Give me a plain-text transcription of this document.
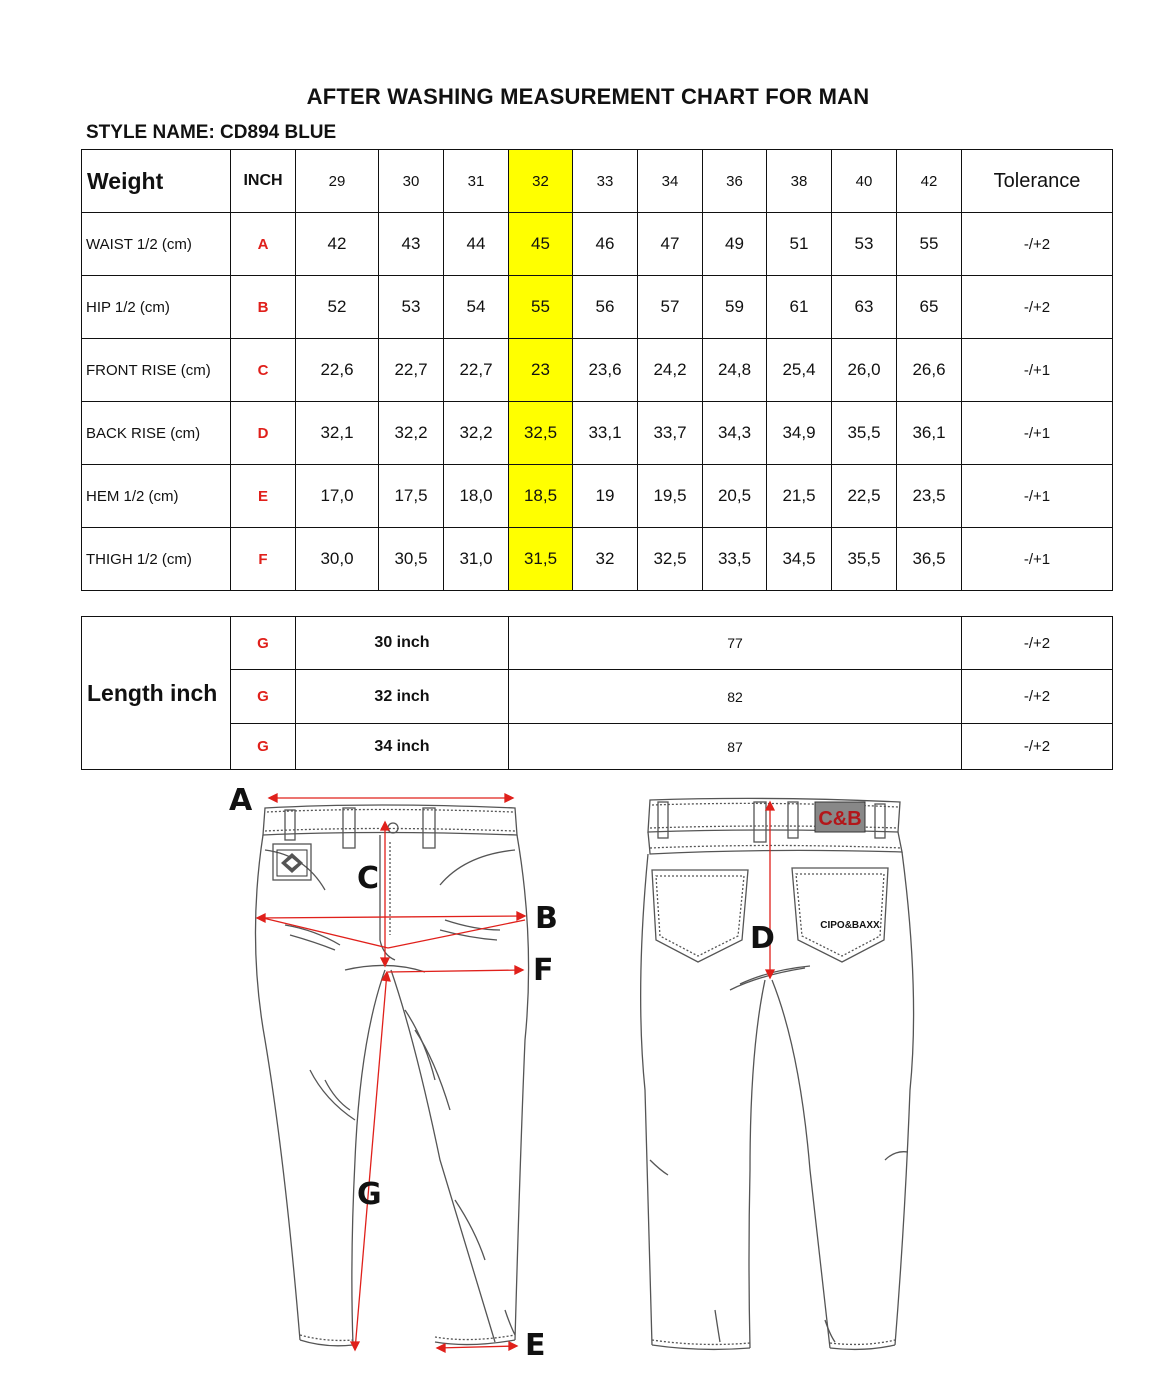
AFTER WASHING MEASUREMENT CHART FOR MAN
STYLE NAME: CD894 BLUE
Weight	INCH	29	30	31	32	33	34	36	38	40	42	Tolerance
WAIST 1/2 (cm)	A	42	43	44	45	46	47	49	51	53	55	-/+2
HIP 1/2 (cm)	B	52	53	54	55	56	57	59	61	63	65	-/+2
FRONT RISE (cm)	C	22,6	22,7	22,7	23	23,6	24,2	24,8	25,4	26,0	26,6	-/+1
BACK RISE (cm)	D	32,1	32,2	32,2	32,5	33,1	33,7	34,3	34,9	35,5	36,1	-/+1
HEM 1/2 (cm)	E	17,0	17,5	18,0	18,5	19	19,5	20,5	21,5	22,5	23,5	-/+1
THIGH 1/2 (cm)	F	30,0	30,5	31,0	31,5	32	32,5	33,5	34,5	35,5	36,5	-/+1
Length inch	G	30 inch	77	-/+2
	G	32 inch	82	-/+2
	G	34 inch	87	-/+2
A
B
C
E
F
G
C&B
CIPO&BAXX
D
